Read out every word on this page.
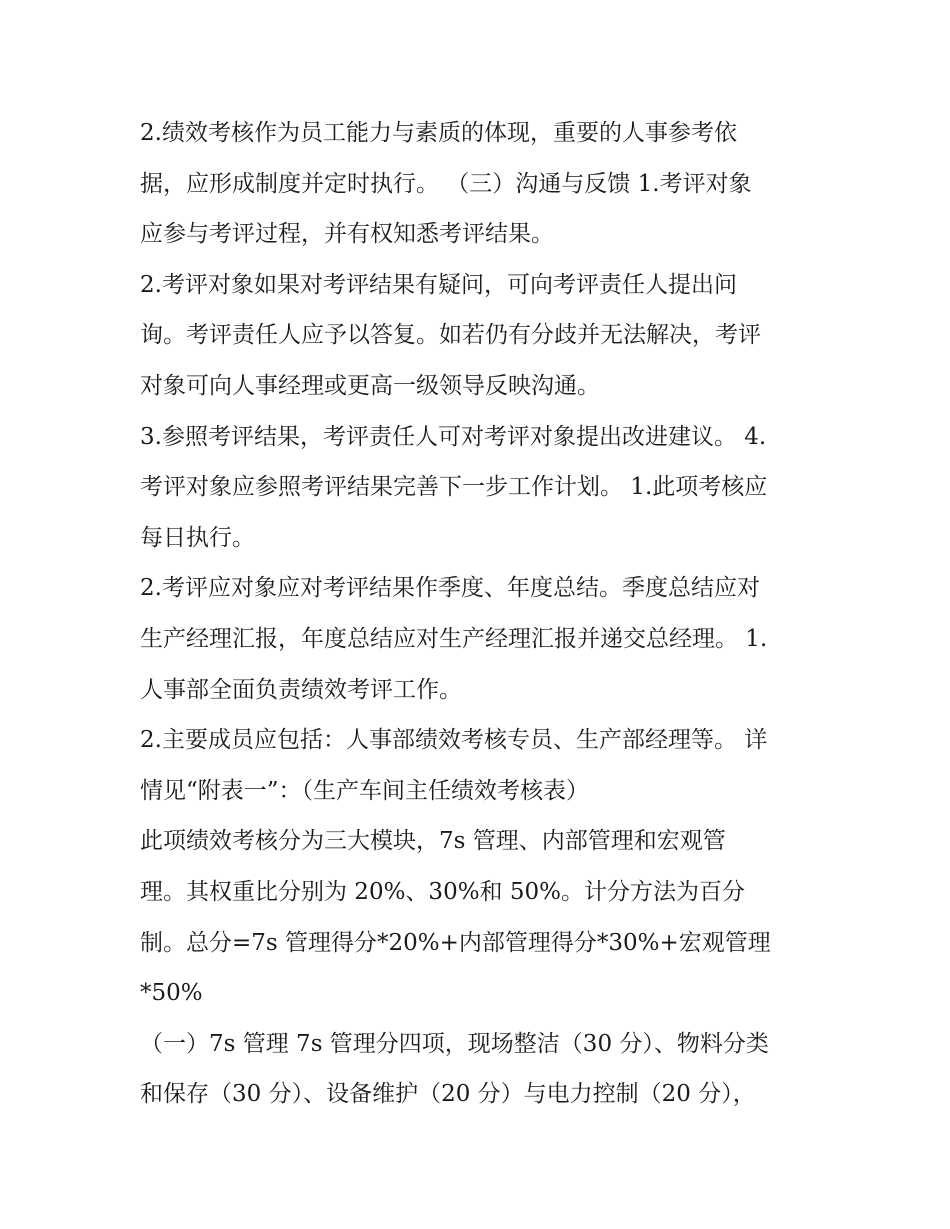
2.绩效考核作为员工能力与素质的体现，重要的人事参考依
据，应形成制度并定时执行。 （三）沟通与反馈 1.考评对象
应参与考评过程，并有权知悉考评结果。
2.考评对象如果对考评结果有疑问，可向考评责任人提出问
询。考评责任人应予以答复。如若仍有分歧并无法解决，考评
对象可向人事经理或更高一级领导反映沟通。
3.参照考评结果，考评责任人可对考评对象提出改进建议。 4.
考评对象应参照考评结果完善下一步工作计划。 1.此项考核应
每日执行。
2.考评应对象应对考评结果作季度、年度总结。季度总结应对
生产经理汇报，年度总结应对生产经理汇报并递交总经理。 1.
人事部全面负责绩效考评工作。
2.主要成员应包括：人事部绩效考核专员、生产部经理等。 详
情见“附表一”：（生产车间主任绩效考核表）
此项绩效考核分为三大模块，7s 管理、内部管理和宏观管
理。其权重比分别为 20%、30%和 50%。计分方法为百分
制。总分=7s 管理得分*20%+内部管理得分*30%+宏观管理
*50%
（一）7s 管理 7s 管理分四项，现场整洁（30 分）、物料分类
和保存（30 分）、设备维护（20 分）与电力控制（20 分），
